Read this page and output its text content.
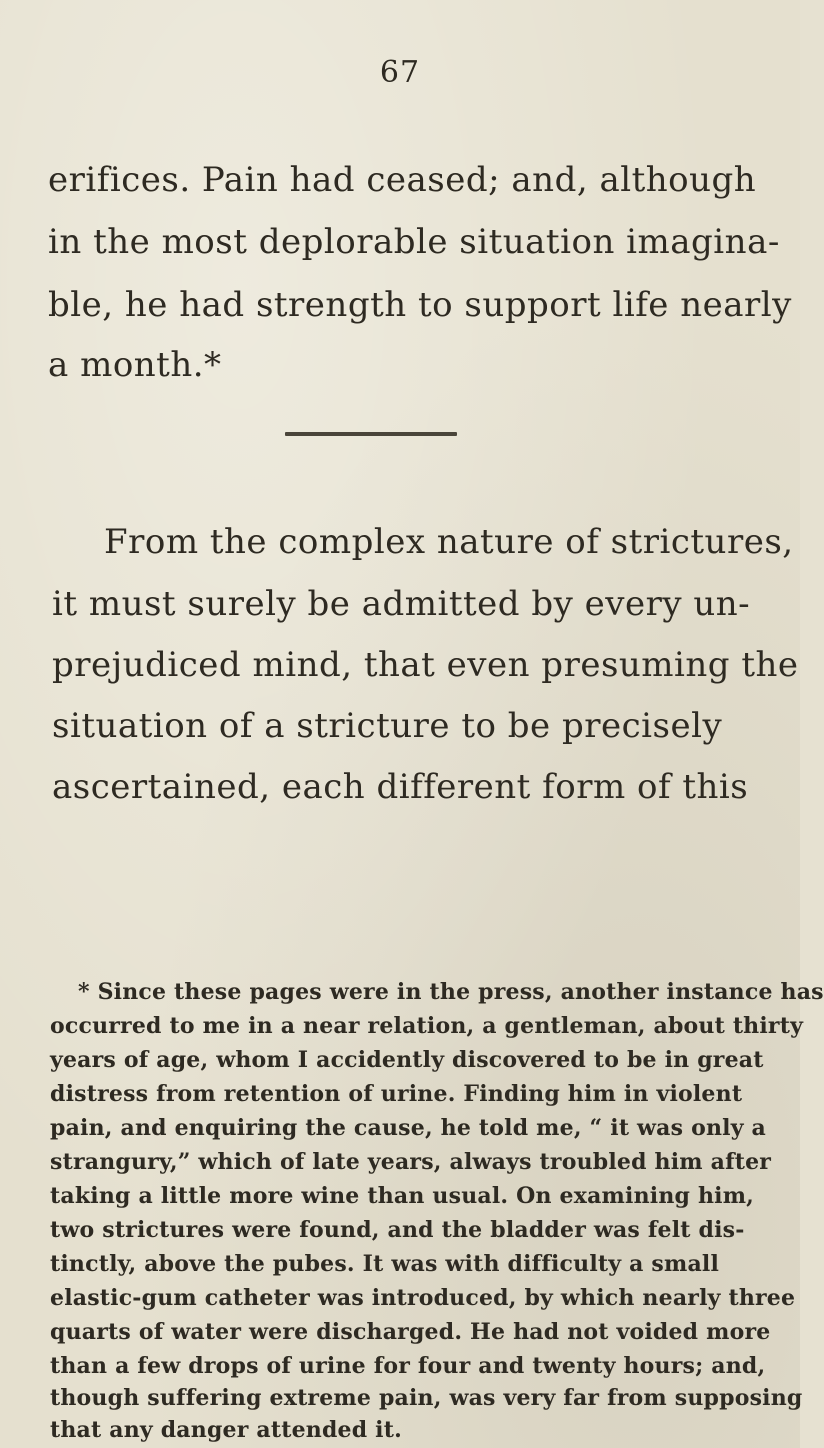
67
erifices. Pain had ceased; and, although
in the most deplorable situation imagina-
ble, he had strength to support life nearly
a month.*
From the complex nature of strictures,
it must surely be admitted by every un-
prejudiced mind, that even presuming the
situation of a stricture to be precisely
ascertained, each different form of this
* Since these pages were in the press, another instance has
occurred to me in a near relation, a gentleman, about thirty
years of age, whom I accidently discovered to be in great
distress from retention of urine. Finding him in violent
pain, and enquiring the cause, he told me, “ it was only a
strangury,” which of late years, always troubled him after
taking a little more wine than usual. On examining him,
two strictures were found, and the bladder was felt dis-
tinctly, above the pubes. It was with difficulty a small
elastic-gum catheter was introduced, by which nearly three
quarts of water were discharged. He had not voided more
than a few drops of urine for four and twenty hours; and,
though suffering extreme pain, was very far from supposing
that any danger attended it.
